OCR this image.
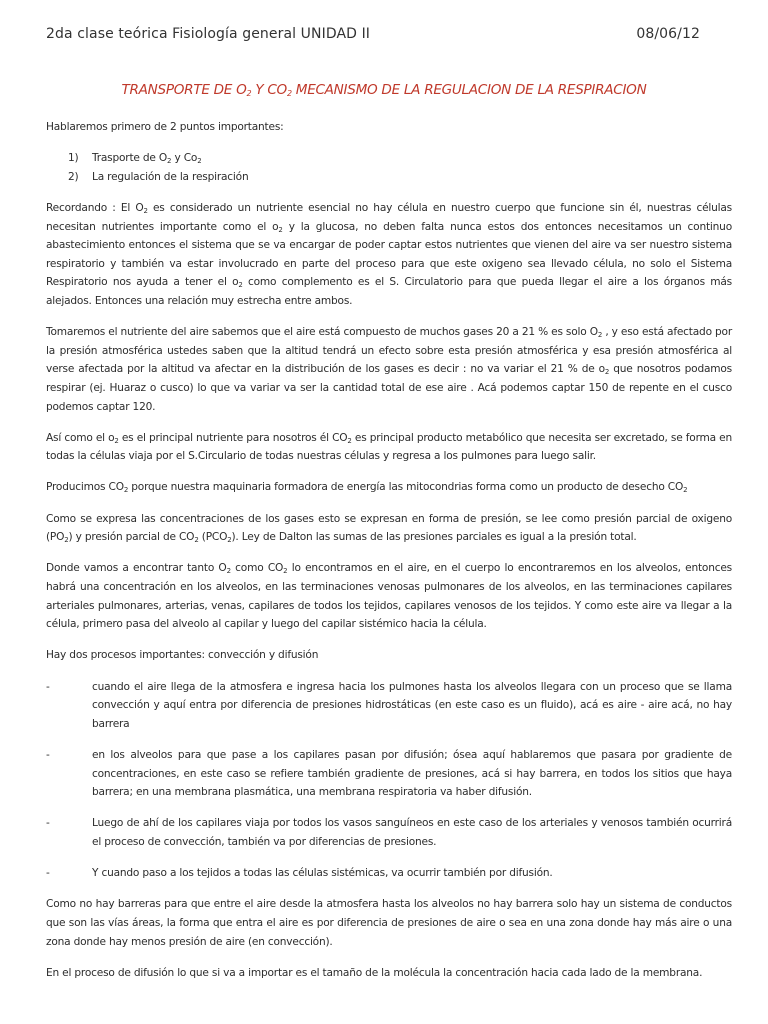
2da clase teórica Fisiología general UNIDAD II	08/06/12
TRANSPORTE DE $O_2$ Y $CO_2$ MECANISMO DE LA REGULACION DE LA RESPIRACION

Hablaremos primero de 2 puntos importantes:

1)	Trasporte de $O_2$ y $Co_2$
2)	La regulación de la respiración

Recordando : El $O_2$ es considerado un nutriente esencial no hay célula en nuestro cuerpo que funcione sin él, nuestras células necesitan nutrientes importante como el $o_2$ y la glucosa, no deben falta nunca estos dos entonces necesitamos un continuo abastecimiento entonces el sistema que se va encargar de poder captar estos nutrientes que vienen del aire va ser nuestro sistema respiratorio y también va estar involucrado en parte del proceso para que este oxigeno sea llevado célula, no solo el Sistema Respiratorio nos ayuda a tener el $o_2$ como complemento es el S. Circulatorio para que pueda llegar el aire a los órganos más alejados. Entonces una relación muy estrecha entre ambos.

Tomaremos el nutriente del aire sabemos que el aire está compuesto de muchos gases 20 a 21 % es solo $O_2$ , y eso está afectado por la presión atmosférica ustedes saben que la altitud tendrá un efecto sobre esta presión atmosférica y esa presión atmosférica al verse afectada por la altitud va afectar en la distribución de los gases es decir : no va variar el 21 % de $o_2$ que nosotros podamos respirar (ej. Huaraz o cusco) lo que va variar va ser la cantidad total de ese aire . Acá podemos captar 150 de repente en el cusco podemos captar 120.

Así como el $o_2$ es el principal nutriente para nosotros él $CO_2$ es principal producto metabólico que necesita ser excretado, se forma en todas la células viaja por el S.Circulario de todas nuestras células y regresa a los pulmones para luego salir.

Producimos $CO_2$ porque nuestra maquinaria formadora de energía las mitocondrias forma como un producto de desecho $CO_2$

Como se expresa las concentraciones de los gases esto se expresan en forma de presión, se lee como presión parcial de oxigeno $(PO_2)$ y presión parcial de $CO_2$ $(PCO_2)$. Ley de Dalton las sumas de las presiones parciales es igual a la presión total.

Donde vamos a encontrar tanto $O_2$ como $CO_2$ lo encontramos en el aire, en el cuerpo lo encontraremos en los alveolos, entonces habrá una concentración en los alveolos, en las terminaciones venosas pulmonares de los alveolos, en las terminaciones capilares arteriales pulmonares, arterias, venas, capilares de todos los tejidos, capilares venosos de los tejidos. Y como este aire va llegar a la célula, primero pasa del alveolo al capilar y luego del capilar sistémico hacia la célula.

Hay dos procesos importantes: convección y difusión

-	cuando el aire llega de la atmosfera e ingresa hacia los pulmones hasta los alveolos llegara con un proceso que se llama convección y aquí entra por diferencia de presiones hidrostáticas (en este caso es un fluido), acá es aire - aire acá, no hay barrera
-	en los alveolos para que pase a los capilares pasan por difusión; ósea aquí hablaremos que pasara por gradiente de concentraciones, en este caso se refiere también gradiente de presiones, acá si hay barrera, en todos los sitios que haya barrera; en una membrana plasmática, una membrana respiratoria va haber difusión.
-	Luego de ahí de los capilares viaja por todos los vasos sanguíneos en este caso de los arteriales y venosos también ocurrirá el proceso de convección, también va por diferencias de presiones.
-	Y cuando paso a los tejidos a todas las células sistémicas, va ocurrir también por difusión.

Como no hay barreras para que entre el aire desde la atmosfera hasta los alveolos no hay barrera solo hay un sistema de conductos que son las vías áreas, la forma que entra el aire es por diferencia de presiones de aire o sea en una zona donde hay más aire o una zona donde hay menos presión de aire (en convección).

En el proceso de difusión lo que si va a importar es el tamaño de la molécula la concentración hacia cada lado de la membrana.
